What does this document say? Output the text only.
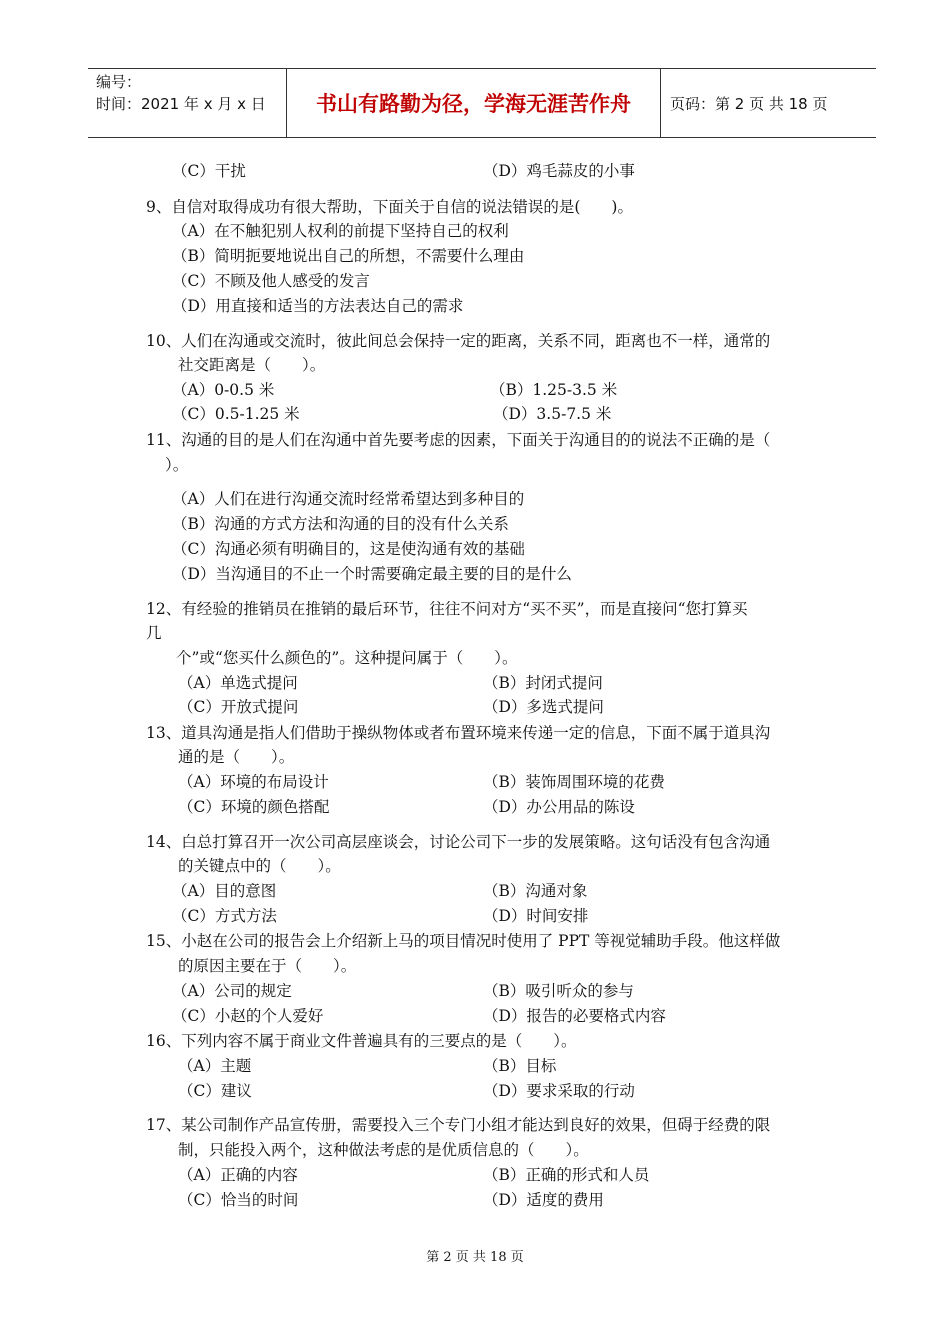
编号：
时间：2021 年 x 月 x 日	书山有路勤为径，学海无涯苦作舟	页码：第 2 页 共 18 页
（C）干扰	（D）鸡毛蒜皮的小事
9、自信对取得成功有很大帮助，下面关于自信的说法错误的是(　　)。
（A）在不触犯别人权利的前提下坚持自己的权利
（B）简明扼要地说出自己的所想，不需要什么理由
（C）不顾及他人感受的发言
（D）用直接和适当的方法表达自己的需求
10、人们在沟通或交流时，彼此间总会保持一定的距离，关系不同，距离也不一样，通常的
社交距离是（　　）。
（A）0-0.5 米	（B）1.25-3.5 米
（C）0.5-1.25 米	（D）3.5-7.5 米
11、沟通的目的是人们在沟通中首先要考虑的因素，下面关于沟通目的的说法不正确的是（
）。
（A）人们在进行沟通交流时经常希望达到多种目的
（B）沟通的方式方法和沟通的目的没有什么关系
（C）沟通必须有明确目的，这是使沟通有效的基础
（D）当沟通目的不止一个时需要确定最主要的目的是什么
12、有经验的推销员在推销的最后环节，往往不问对方“买不买”，而是直接问“您打算买
几
个”或“您买什么颜色的”。这种提问属于（　　）。
（A）单选式提问	（B）封闭式提问
（C）开放式提问	（D）多选式提问
13、道具沟通是指人们借助于操纵物体或者布置环境来传递一定的信息，下面不属于道具沟
通的是（　　）。
（A）环境的布局设计	（B）装饰周围环境的花费
（C）环境的颜色搭配	（D）办公用品的陈设
14、白总打算召开一次公司高层座谈会，讨论公司下一步的发展策略。这句话没有包含沟通
的关键点中的（　　）。
（A）目的意图	（B）沟通对象
（C）方式方法	（D）时间安排
15、小赵在公司的报告会上介绍新上马的项目情况时使用了 PPT 等视觉辅助手段。他这样做
的原因主要在于（　　）。
（A）公司的规定	（B）吸引听众的参与
（C）小赵的个人爱好	（D）报告的必要格式内容
16、下列内容不属于商业文件普遍具有的三要点的是（　　）。
（A）主题	（B）目标
（C）建议	（D）要求采取的行动
17、某公司制作产品宣传册，需要投入三个专门小组才能达到良好的效果，但碍于经费的限
制，只能投入两个，这种做法考虑的是优质信息的（　　）。
（A）正确的内容	（B）正确的形式和人员
（C）恰当的时间	（D）适度的费用
第 2 页 共 18 页
